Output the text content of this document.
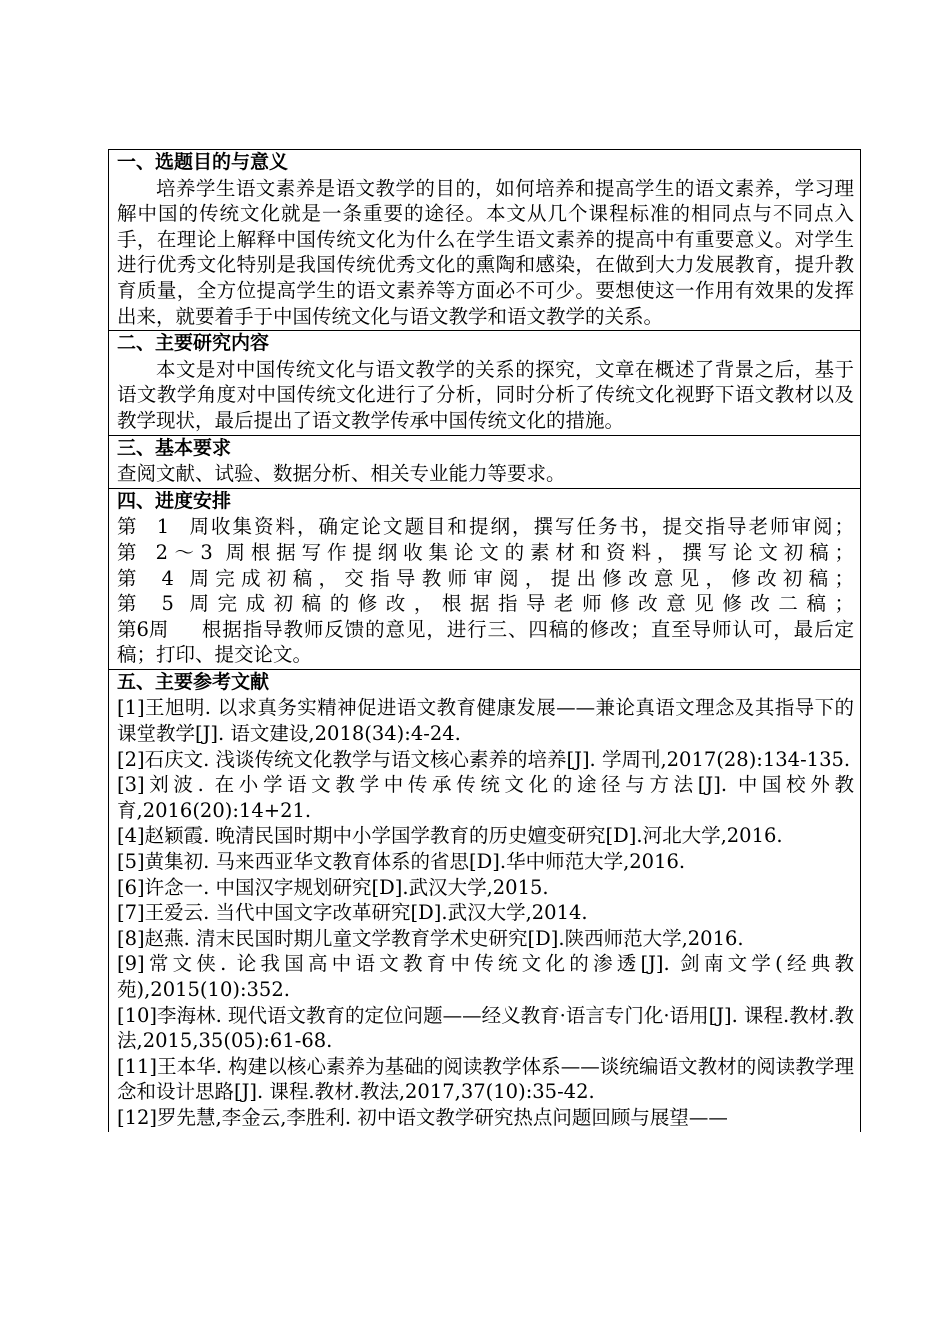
一、选题目的与意义
培养学生语文素养是语文教学的目的，如何培养和提高学生的语文素养，学习理解中国的传统文化就是一条重要的途径。本文从几个课程标准的相同点与不同点入手，在理论上解释中国传统文化为什么在学生语文素养的提高中有重要意义。对学生进行优秀文化特别是我国传统优秀文化的熏陶和感染，在做到大力发展教育，提升教育质量，全方位提高学生的语文素养等方面必不可少。要想使这一作用有效果的发挥出来，就要着手于中国传统文化与语文教学和语文教学的关系。

二、主要研究内容
本文是对中国传统文化与语文教学的关系的探究，文章在概述了背景之后，基于语文教学角度对中国传统文化进行了分析，同时分析了传统文化视野下语文教材以及教学现状，最后提出了语文教学传承中国传统文化的措施。

三、基本要求
查阅文献、试验、数据分析、相关专业能力等要求。

四、进度安排
第1周收集资料，确定论文题目和提纲，撰写任务书，提交指导老师审阅；
第 2～3 周根据写作提纲收集论文的素材和资料，撰写论文初稿；
第 4 周完成初稿，交指导教师审阅，提出修改意见，修改初稿；
第 5 周完成初稿的修改，根据指导老师修改意见修改二稿；
第6周 根据指导教师反馈的意见，进行三、四稿的修改；直至导师认可，最后定稿；打印、提交论文。

五、主要参考文献
[1]王旭明. 以求真务实精神促进语文教育健康发展——兼论真语文理念及其指导下的课堂教学[J]. 语文建设,2018(34):4-24.
[2]石庆文. 浅谈传统文化教学与语文核心素养的培养[J]. 学周刊,2017(28):134-135.
[3]刘波. 在小学语文教学中传承传统文化的途径与方法[J]. 中国校外教育,2016(20):14+21.
[4]赵颖霞. 晚清民国时期中小学国学教育的历史嬗变研究[D].河北大学,2016.
[5]黄集初. 马来西亚华文教育体系的省思[D].华中师范大学,2016.
[6]许念一. 中国汉字规划研究[D].武汉大学,2015.
[7]王爱云. 当代中国文字改革研究[D].武汉大学,2014.
[8]赵燕. 清末民国时期儿童文学教育学术史研究[D].陕西师范大学,2016.
[9]常文侠. 论我国高中语文教育中传统文化的渗透[J]. 剑南文学(经典教苑),2015(10):352.
[10]李海林. 现代语文教育的定位问题——经义教育·语言专门化·语用[J]. 课程.教材.教法,2015,35(05):61-68.
[11]王本华. 构建以核心素养为基础的阅读教学体系——谈统编语文教材的阅读教学理念和设计思路[J]. 课程.教材.教法,2017,37(10):35-42.
[12]罗先慧,李金云,李胜利. 初中语文教学研究热点问题回顾与展望——
